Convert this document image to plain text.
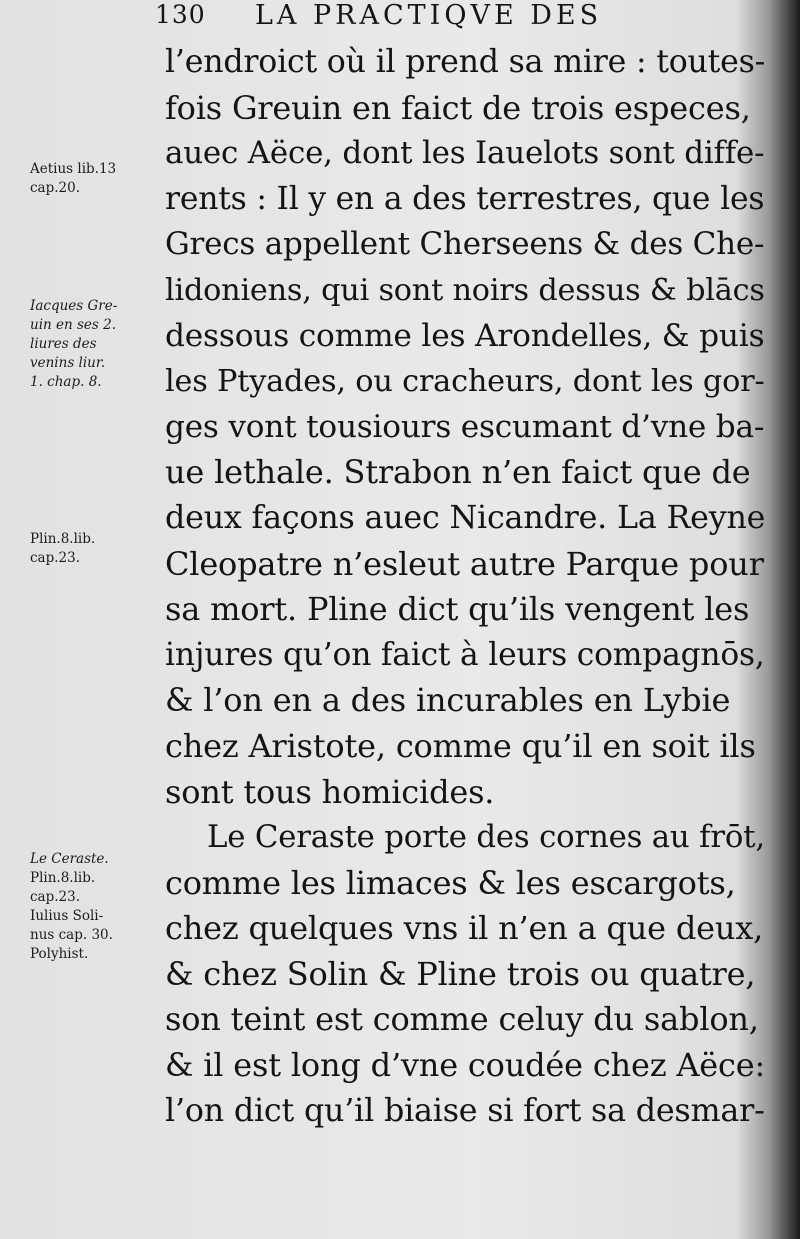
130 LA PRACTIQVE DES
l’endroict où il prend sa mire : toutes-
fois Greuin en faict de trois especes,
auec Aëce, dont les Iauelots sont diffe-
rents : Il y en a des terrestres, que les
Grecs appellent Cherseens & des Che-
lidoniens, qui sont noirs dessus & blācs
dessous comme les Arondelles, & puis
les Ptyades, ou cracheurs, dont les gor-
ges vont tousiours escumant d’vne ba-
ue lethale. Strabon n’en faict que de
deux façons auec Nicandre. La Reyne
Cleopatre n’esleut autre Parque pour
sa mort. Pline dict qu’ils vengent les
injures qu’on faict à leurs compagnōs,
& l’on en a des incurables en Lybie
chez Aristote, comme qu’il en soit ils
sont tous homicides.
Le Ceraste porte des cornes au frōt,
comme les limaces & les escargots,
chez quelques vns il n’en a que deux,
& chez Solin & Pline trois ou quatre,
son teint est comme celuy du sablon,
& il est long d’vne coudée chez Aëce:
l’on dict qu’il biaise si fort sa desmar-
Aetius lib.13
cap.20.
Iacques Gre-
uin en ses 2.
liures des
venins liur.
1. chap. 8.
Plin.8.lib.
cap.23.
Le Ceraste.
Plin.8.lib.
cap.23.
Iulius Soli-
nus cap. 30.
Polyhist.
